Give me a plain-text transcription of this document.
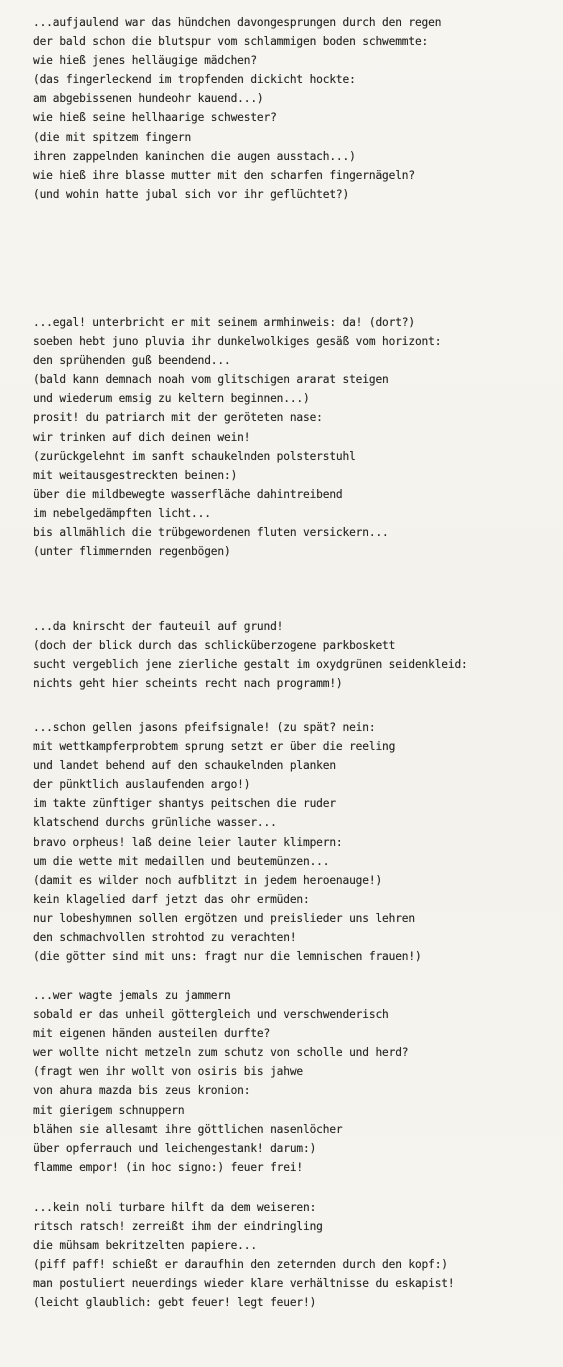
...aufjaulend war das hündchen davongesprungen durch den regen
der bald schon die blutspur vom schlammigen boden schwemmte:
wie hieß jenes helläugige mädchen?
(das fingerleckend im tropfenden dickicht hockte:
am abgebissenen hundeohr kauend...)
wie hieß seine hellhaarige schwester?
(die mit spitzem fingern
ihren zappelnden kaninchen die augen ausstach...)
wie hieß ihre blasse mutter mit den scharfen fingernägeln?
(und wohin hatte jubal sich vor ihr geflüchtet?)
...egal! unterbricht er mit seinem armhinweis: da! (dort?)
soeben hebt juno pluvia ihr dunkelwolkiges gesäß vom horizont:
den sprühenden guß beendend...
(bald kann demnach noah vom glitschigen ararat steigen
und wiederum emsig zu keltern beginnen...)
prosit! du patriarch mit der geröteten nase:
wir trinken auf dich deinen wein!
(zurückgelehnt im sanft schaukelnden polsterstuhl
mit weitausgestreckten beinen:)
über die mildbewegte wasserfläche dahintreibend
im nebelgedämpften licht...
bis allmählich die trübgewordenen fluten versickern...
(unter flimmernden regenbögen)
...da knirscht der fauteuil auf grund!
(doch der blick durch das schlicküberzogene parkboskett
sucht vergeblich jene zierliche gestalt im oxydgrünen seidenkleid:
nichts geht hier scheints recht nach programm!)
...schon gellen jasons pfeifsignale! (zu spät? nein:
mit wettkampferprobtem sprung setzt er über die reeling
und landet behend auf den schaukelnden planken
der pünktlich auslaufenden argo!)
im takte zünftiger shantys peitschen die ruder
klatschend durchs grünliche wasser...
bravo orpheus! laß deine leier lauter klimpern:
um die wette mit medaillen und beutemünzen...
(damit es wilder noch aufblitzt in jedem heroenauge!)
kein klagelied darf jetzt das ohr ermüden:
nur lobeshymnen sollen ergötzen und preislieder uns lehren
den schmachvollen strohtod zu verachten!
(die götter sind mit uns: fragt nur die lemnischen frauen!)
...wer wagte jemals zu jammern
sobald er das unheil göttergleich und verschwenderisch
mit eigenen händen austeilen durfte?
wer wollte nicht metzeln zum schutz von scholle und herd?
(fragt wen ihr wollt von osiris bis jahwe
von ahura mazda bis zeus kronion:
mit gierigem schnuppern
blähen sie allesamt ihre göttlichen nasenlöcher
über opferrauch und leichengestank! darum:)
flamme empor! (in hoc signo:) feuer frei!
...kein noli turbare hilft da dem weiseren:
ritsch ratsch! zerreißt ihm der eindringling
die mühsam bekritzelten papiere...
(piff paff! schießt er daraufhin den zeternden durch den kopf:)
man postuliert neuerdings wieder klare verhältnisse du eskapist!
(leicht glaublich: gebt feuer! legt feuer!)
